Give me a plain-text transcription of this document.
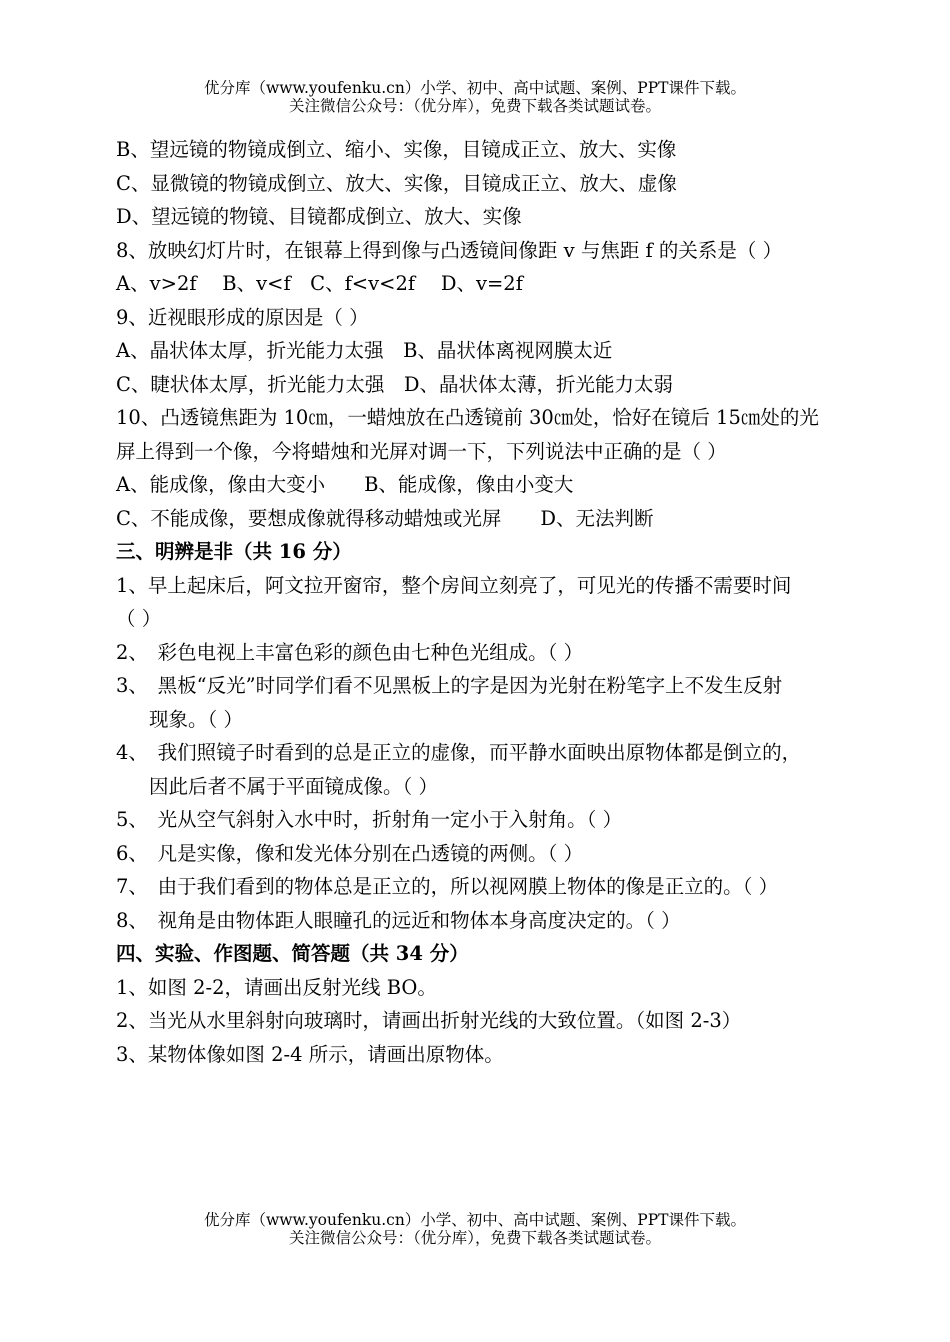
优分库（www.youfenku.cn）小学、初中、高中试题、案例、PPT课件下载。
关注微信公众号：（优分库），免费下载各类试题试卷。
B、望远镜的物镜成倒立、缩小、实像，目镜成正立、放大、实像
C、显微镜的物镜成倒立、放大、实像，目镜成正立、放大、虚像
D、望远镜的物镜、目镜都成倒立、放大、实像
8、放映幻灯片时，在银幕上得到像与凸透镜间像距 v 与焦距 f 的关系是（ ）
A、v>2f　 B、v<f　C、f<v<2f　 D、v=2f
9、近视眼形成的原因是（ ）
A、晶状体太厚，折光能力太强　B、晶状体离视网膜太近
C、睫状体太厚，折光能力太强　D、晶状体太薄，折光能力太弱
10、凸透镜焦距为 10㎝，一蜡烛放在凸透镜前 30㎝处，恰好在镜后 15㎝处的光
屏上得到一个像，今将蜡烛和光屏对调一下，下列说法中正确的是（ ）
A、能成像，像由大变小　　B、能成像，像由小变大
C、不能成像，要想成像就得移动蜡烛或光屏　　D、无法判断
三、明辨是非（共 16 分）
1、早上起床后，阿文拉开窗帘，整个房间立刻亮了，可见光的传播不需要时间
（ ）
2、　彩色电视上丰富色彩的颜色由七种色光组成。（ ）
3、　黑板“反光”时同学们看不见黑板上的字是因为光射在粉笔字上不发生反射
现象。（ ）
4、　我们照镜子时看到的总是正立的虚像，而平静水面映出原物体都是倒立的，
因此后者不属于平面镜成像。（ ）
5、　光从空气斜射入水中时，折射角一定小于入射角。（ ）
6、　凡是实像，像和发光体分别在凸透镜的两侧。（ ）
7、　由于我们看到的物体总是正立的，所以视网膜上物体的像是正立的。（ ）
8、　视角是由物体距人眼瞳孔的远近和物体本身高度决定的。（ ）
四、实验、作图题、简答题（共 34 分）
1、如图 2-2，请画出反射光线 BO。
2、当光从水里斜射向玻璃时，请画出折射光线的大致位置。（如图 2-3）
3、某物体像如图 2-4 所示，请画出原物体。
优分库（www.youfenku.cn）小学、初中、高中试题、案例、PPT课件下载。
关注微信公众号：（优分库），免费下载各类试题试卷。
